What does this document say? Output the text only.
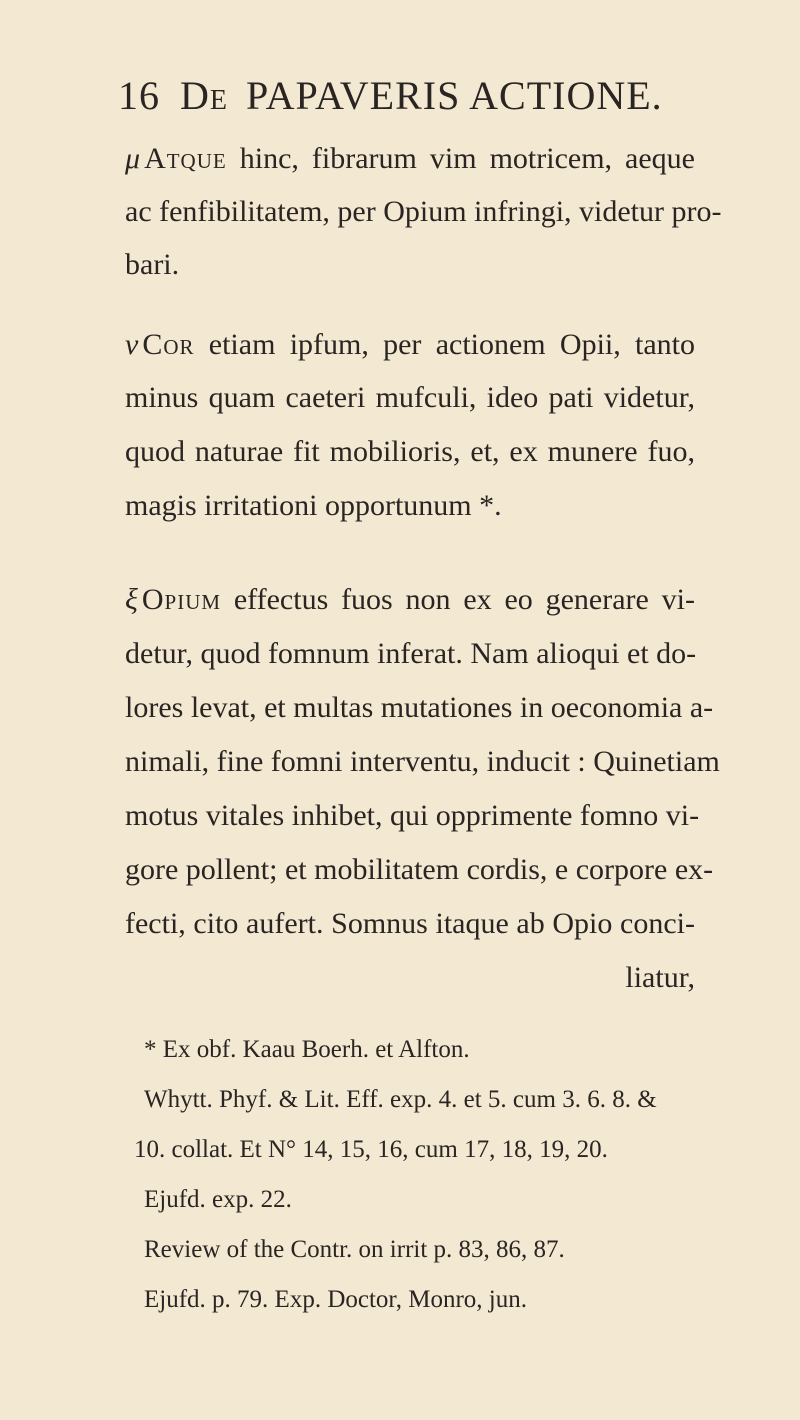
16 De PAPAVERIS ACTIONE.
μ Atque hinc, fibrarum vim motricem, aeque
ac fenfibilitatem, per Opium infringi, videtur pro-
bari.
ν Cor etiam ipfum, per actionem Opii, tanto
minus quam caeteri mufculi, ideo pati videtur,
quod naturae fit mobilioris, et, ex munere fuo,
magis irritationi opportunum *.
ξ Opium effectus fuos non ex eo generare vi-
detur, quod fomnum inferat. Nam alioqui et do-
lores levat, et multas mutationes in oeconomia a-
nimali, fine fomni interventu, inducit : Quinetiam
motus vitales inhibet, qui opprimente fomno vi-
gore pollent; et mobilitatem cordis, e corpore ex-
fecti, cito aufert. Somnus itaque ab Opio conci-
liatur,
* Ex obf. Kaau Boerh. et Alfton.
Whytt. Phyf. & Lit. Eff. exp. 4. et 5. cum 3. 6. 8. &
10. collat. Et N° 14, 15, 16, cum 17, 18, 19, 20.
Ejufd. exp. 22.
Review of the Contr. on irrit p. 83, 86, 87.
Ejufd. p. 79. Exp. Doctor, Monro, jun.
